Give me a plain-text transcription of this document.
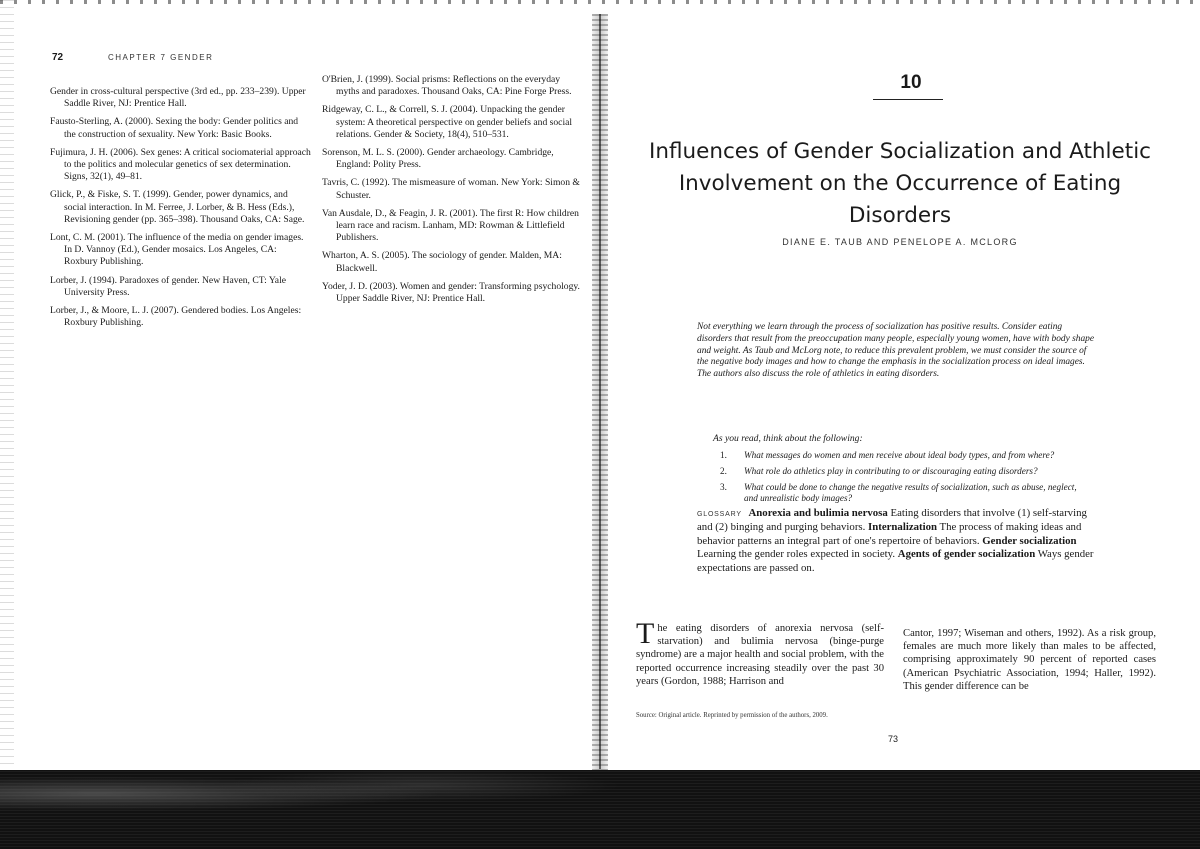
72	CHAPTER 7 GENDER
Gender in cross-cultural perspective (3rd ed., pp. 233–239). Upper Saddle River, NJ: Prentice Hall.
Fausto-Sterling, A. (2000). Sexing the body: Gender politics and the construction of sexuality. New York: Basic Books.
Fujimura, J. H. (2006). Sex genes: A critical sociomaterial approach to the politics and molecular genetics of sex determination. Signs, 32(1), 49–81.
Glick, P., & Fiske, S. T. (1999). Gender, power dynamics, and social interaction. In M. Ferree, J. Lorber, & B. Hess (Eds.), Revisioning gender (pp. 365–398). Thousand Oaks, CA: Sage.
Lont, C. M. (2001). The influence of the media on gender images. In D. Vannoy (Ed.), Gender mosaics. Los Angeles, CA: Roxbury Publishing.
Lorber, J. (1994). Paradoxes of gender. New Haven, CT: Yale University Press.
Lorber, J., & Moore, L. J. (2007). Gendered bodies. Los Angeles: Roxbury Publishing.
O'Brien, J. (1999). Social prisms: Reflections on the everyday myths and paradoxes. Thousand Oaks, CA: Pine Forge Press.
Ridgeway, C. L., & Correll, S. J. (2004). Unpacking the gender system: A theoretical perspective on gender beliefs and social relations. Gender & Society, 18(4), 510–531.
Sorenson, M. L. S. (2000). Gender archaeology. Cambridge, England: Polity Press.
Tavris, C. (1992). The mismeasure of woman. New York: Simon & Schuster.
Van Ausdale, D., & Feagin, J. R. (2001). The first R: How children learn race and racism. Lanham, MD: Rowman & Littlefield Publishers.
Wharton, A. S. (2005). The sociology of gender. Malden, MA: Blackwell.
Yoder, J. D. (2003). Women and gender: Transforming psychology. Upper Saddle River, NJ: Prentice Hall.
10
Influences of Gender Socialization and Athletic Involvement on the Occurrence of Eating Disorders
DIANE E. TAUB AND PENELOPE A. MCLORG

Not everything we learn through the process of socialization has positive results. Consider eating disorders that result from the preoccupation many people, especially young women, have with body shape and weight. As Taub and McLorg note, to reduce this prevalent problem, we must consider the source of the negative body images and how to change the emphasis in the socialization process on ideal images. The authors also discuss the role of athletics in eating disorders.

As you read, think about the following:
1. What messages do women and men receive about ideal body types, and from where?
2. What role do athletics play in contributing to or discouraging eating disorders?
3. What could be done to change the negative results of socialization, such as abuse, neglect, and unrealistic body images?
GLOSSARY Anorexia and bulimia nervosa Eating disorders that involve (1) self-starving and (2) binging and purging behaviors. Internalization The process of making ideas and behavior patterns an integral part of one's repertoire of behaviors. Gender socialization Learning the gender roles expected in society. Agents of gender socialization Ways gender expectations are passed on.
T he eating disorders of anorexia nervosa (self-starvation) and bulimia nervosa (binge-purge syndrome) are a major health and social problem, with the reported occurrence increasing steadily over the past 30 years (Gordon, 1988; Harrison and
Cantor, 1997; Wiseman and others, 1992). As a risk group, females are much more likely than males to be affected, comprising approximately 90 percent of reported cases (American Psychiatric Association, 1994; Haller, 1992). This gender difference can be
Source: Original article. Reprinted by permission of the authors, 2009.
73
